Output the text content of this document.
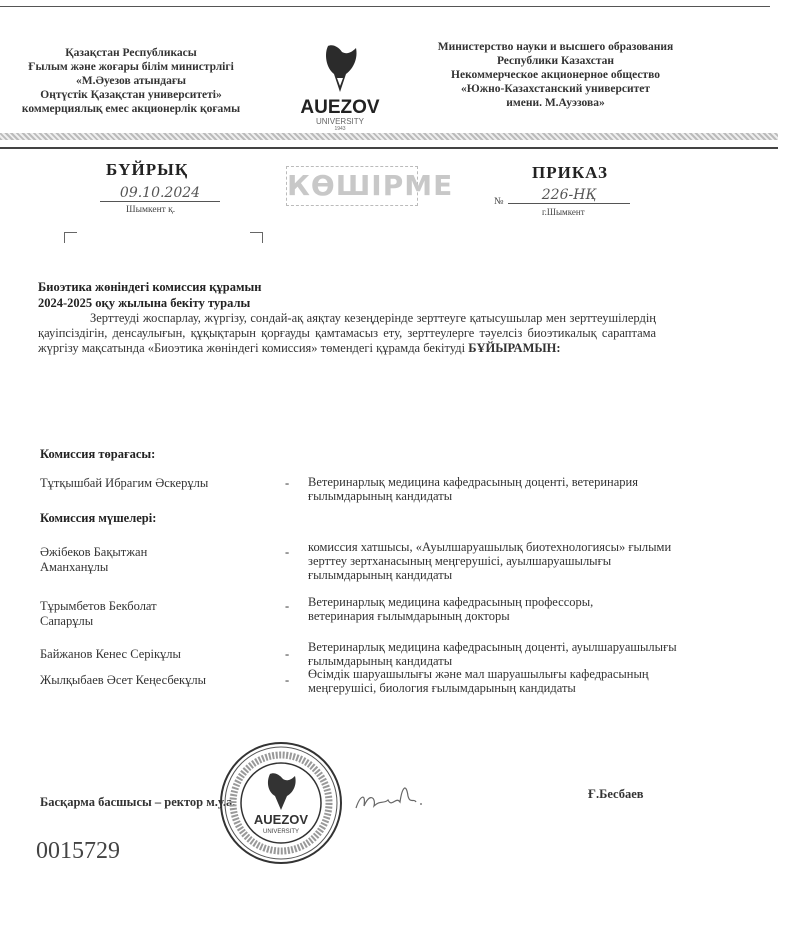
Қазақстан Республикасы
Ғылым және жоғары білім министрлігі
«М.Әуезов атындағы
Оңтүстік Қазақстан университеті»
коммерциялық емес акционерлік қоғамы	AUEZOV
UNIVERSITY
1943
Министерство науки и высшего образования
Республики Казахстан
Некоммерческое акционерное общество
«Южно-Казахстанский университет
имени. М.Ауэзова»
БҮЙРЫҚ
09.10.2024
Шымкент қ.
КӨШІРМЕ	ПРИКАЗ
№	226-НҚ
г.Шымкент
Биоэтика жөніндегі комиссия құрамын
2024-2025 оқу жылына бекіту туралы

Зерттеуді жоспарлау, жүргізу, сондай-ақ аяқтау кезеңдерінде зерттеуге қатысушылар мен зерттеушілердің қауіпсіздігін, денсаулығын, құқықтарын қорғауды қамтамасыз ету, зерттеулерге тәуелсіз биоэтикалық сараптама жүргізу мақсатында «Биоэтика жөніндегі комиссия» төмендегі құрамда бекітуді БҰЙЫРАМЫН:

Комиссия төрағасы:
Тұтқышбай Ибрагим Әскерұлы	- Ветеринарлық медицина кафедрасының доценті, ветеринария ғылымдарының кандидаты
Комиссия мүшелері:
Әжібеков Бақытжан Аманханұлы
- комиссия хатшысы, «Ауылшаруашылық биотехнологиясы» ғылыми зерттеу зертханасының меңгерушісі, ауылшаруашылығы ғылымдарының кандидаты
Тұрымбетов Бекболат Сапарұлы
- Ветеринарлық медицина кафедрасының профессоры, ветеринария ғылымдарының докторы
Байжанов Кенес Серікұлы	- Ветеринарлық медицина кафедрасының доценті, ауылшаруашылығы ғылымдарының кандидаты
Жылқыбаев Әсет Кеңесбекұлы	- Өсімдік шаруашылығы және мал шаруашылығы кафедрасының меңгерушісі, биология ғылымдарының кандидаты
Басқарма басшысы – ректор м.у.а.
AUEZOV
UNIVERSITY
Ғ.Бесбаев
0015729
